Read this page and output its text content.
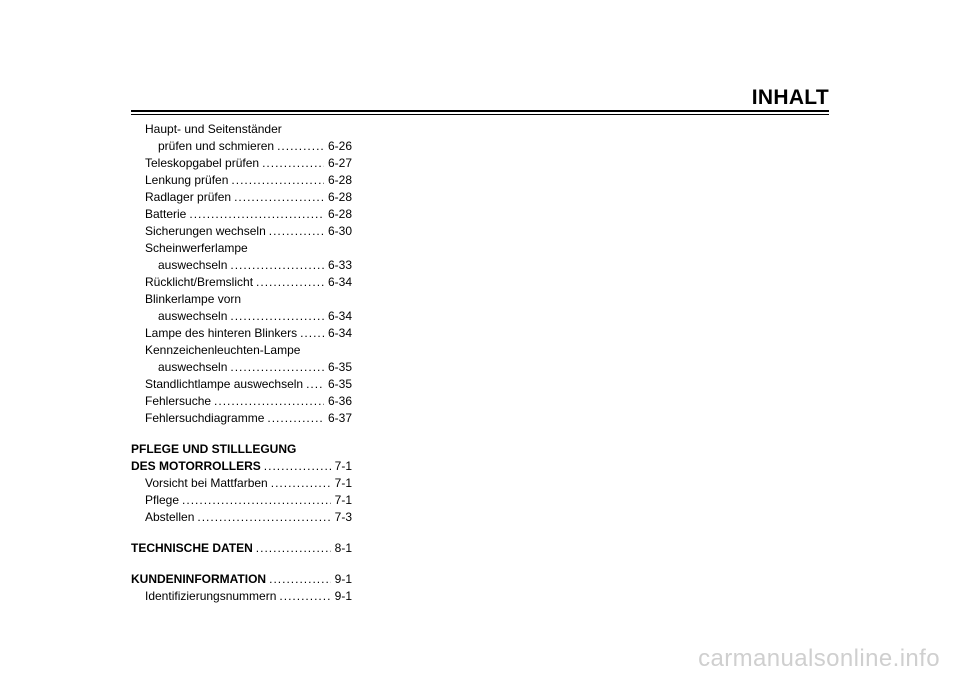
INHALT
Haupt- und Seitenständer
prüfen und schmieren .....	6-26
Teleskopgabel prüfen .....	6-27
Lenkung prüfen .....	6-28
Radlager prüfen .....	6-28
Batterie .....	6-28
Sicherungen wechseln .....	6-30
Scheinwerferlampe
auswechseln .....	6-33
Rücklicht/Bremslicht .....	6-34
Blinkerlampe vorn
auswechseln .....	6-34
Lampe des hinteren Blinkers .....	6-34
Kennzeichenleuchten-Lampe
auswechseln .....	6-35
Standlichtlampe auswechseln ..... 6-35
Fehlersuche .....	6-36
Fehlersuchdiagramme .....	6-37
PFLEGE UND STILLLEGUNG
DES MOTORROLLERS .....	7-1
Vorsicht bei Mattfarben .....	7-1
Pflege .....	7-1
Abstellen .....	7-3
TECHNISCHE DATEN .....	8-1
KUNDENINFORMATION .....	9-1
Identifizierungsnummern .....	9-1
carmanualsonline.info
